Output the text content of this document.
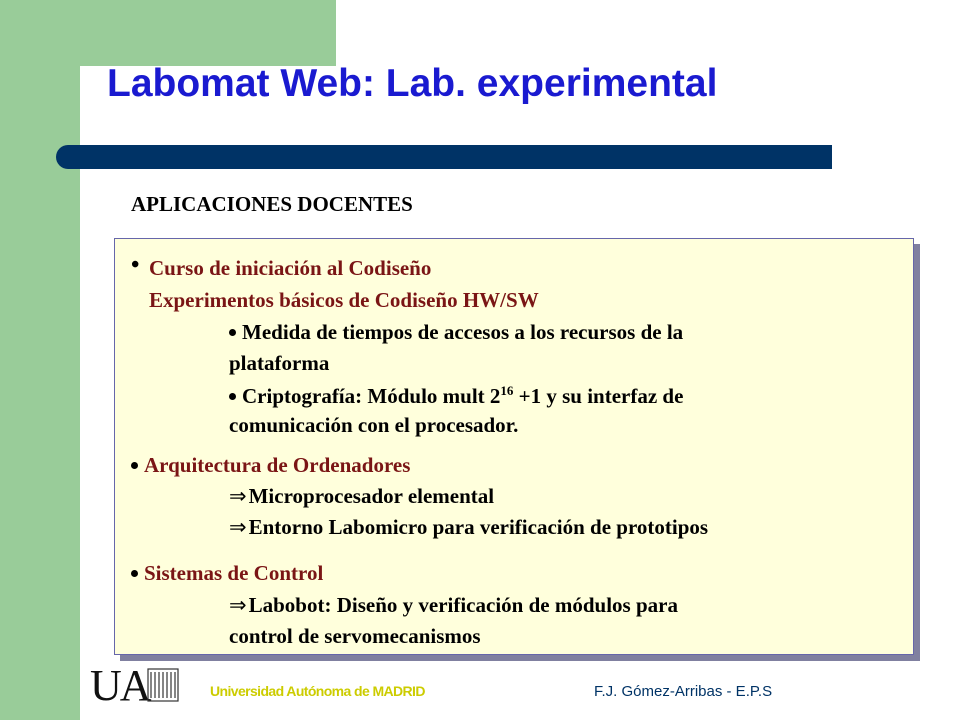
Labomat Web: Lab. experimental
APLICACIONES DOCENTES
• Curso de iniciación al Codiseño
Experimentos básicos de Codiseño HW/SW
Medida de tiempos de accesos a los recursos de la
plataforma
Criptografía: Módulo mult $2^{16} +1$ y su interfaz de
comunicación con el procesador.
Arquitectura de Ordenadores
⇒Microprocesador elemental
⇒Entorno Labomicro para verificación de prototipos
Sistemas de Control
⇒Labobot: Diseño y verificación de módulos para
control de servomecanismos
UA	Universidad Autónoma de MADRID	F.J. Gómez-Arribas - E.P.S
